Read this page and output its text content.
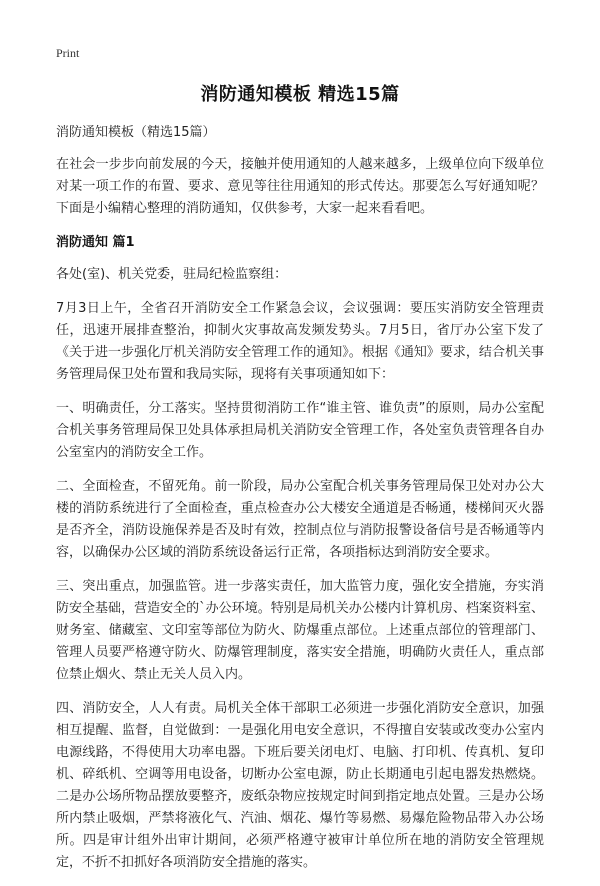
Print
消防通知模板 精选15篇

消防通知模板（精选15篇）

在社会一步步向前发展的今天，接触并使用通知的人越来越多，上级单位向下级单位对某一项工作的布置、要求、意见等往往用通知的形式传达。那要怎么写好通知呢？下面是小编精心整理的消防通知，仅供参考，大家一起来看看吧。

消防通知 篇1

各处(室)、机关党委，驻局纪检监察组：

7月3日上午，全省召开消防安全工作紧急会议，会议强调：要压实消防安全管理责任，迅速开展排查整治，抑制火灾事故高发频发势头。7月5日，省厅办公室下发了《关于进一步强化厅机关消防安全管理工作的通知》。根据《通知》要求，结合机关事务管理局保卫处布置和我局实际，现将有关事项通知如下：

一、明确责任，分工落实。坚持贯彻消防工作“谁主管、谁负责”的原则，局办公室配合机关事务管理局保卫处具体承担局机关消防安全管理工作，各处室负责管理各自办公室室内的消防安全工作。

二、全面检查，不留死角。前一阶段，局办公室配合机关事务管理局保卫处对办公大楼的消防系统进行了全面检查，重点检查办公大楼安全通道是否畅通，楼梯间灭火器是否齐全，消防设施保养是否及时有效，控制点位与消防报警设备信号是否畅通等内容，以确保办公区域的消防系统设备运行正常，各项指标达到消防安全要求。

三、突出重点，加强监管。进一步落实责任，加大监管力度，强化安全措施，夯实消防安全基础，营造安全的`办公环境。特别是局机关办公楼内计算机房、档案资料室、财务室、储藏室、文印室等部位为防火、防爆重点部位。上述重点部位的管理部门、管理人员要严格遵守防火、防爆管理制度，落实安全措施，明确防火责任人，重点部位禁止烟火、禁止无关人员入内。

四、消防安全，人人有责。局机关全体干部职工必须进一步强化消防安全意识，加强相互提醒、监督，自觉做到：一是强化用电安全意识，不得擅自安装或改变办公室内电源线路，不得使用大功率电器。下班后要关闭电灯、电脑、打印机、传真机、复印机、碎纸机、空调等用电设备，切断办公室电源，防止长期通电引起电器发热燃烧。二是办公场所物品摆放要整齐，废纸杂物应按规定时间到指定地点处置。三是办公场所内禁止吸烟，严禁将液化气、汽油、烟花、爆竹等易燃、易爆危险物品带入办公场所。四是审计组外出审计期间，必须严格遵守被审计单位所在地的消防安全管理规定，不折不扣抓好各项消防安全措施的落实。
